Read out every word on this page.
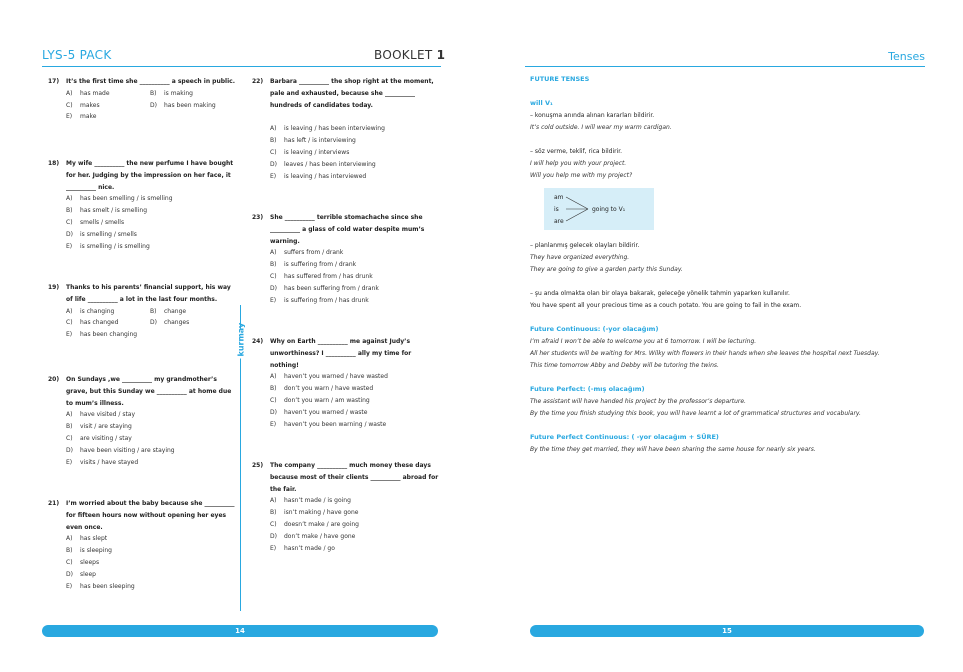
LYS-5 PACK	BOOKLET 1	Tenses
17)	It’s the first time she __________ a speech in public.
A)	has made	B)	is making
C)	makes	D)	has been making
E)	make
18)	My wife __________ the new perfume I have bought for her. Judging by the impression on her face, it __________ nice.
A)	has been smelling / is smelling
B)	has smelt / is smelling
C)	smells / smells
D)	is smelling / smells
E)	is smelling / is smelling
19)	Thanks to his parents’ financial support, his way of life __________ a lot in the last four months.
A)	is changing	B)	change
C)	has changed	D)	changes
E)	has been changing
20)	On Sundays ,we __________ my grandmother’s grave, but this Sunday we __________ at home due to mum’s illness.
A)	have visited / stay
B)	visit / are staying
C)	are visiting / stay
D)	have been visiting / are staying
E)	visits / have stayed
21)	I’m worried about the baby because she __________ for fifteen hours now without opening her eyes even once.
A)	has slept
B)	is sleeping
C)	sleeps
D)	sleep
E)	has been sleeping
kurmay
22)	Barbara __________ the shop right at the moment, pale and exhausted, because she __________ hundreds of candidates today.
A)	is leaving / has been interviewing
B)	has left / is interviewing
C)	is leaving / interviews
D)	leaves / has been interviewing
E)	is leaving / has interviewed
23)	She __________ terrible stomachache since she __________ a glass of cold water despite mum’s warning.
A)	suffers from / drank
B)	is suffering from / drank
C)	has suffered from / has drunk
D)	has been suffering from / drank
E)	is suffering from / has drunk
24)	Why on Earth __________ me against Judy’s unworthiness? I __________ ally my time for nothing!
A)	haven’t you warned / have wasted
B)	don’t you warn / have wasted
C)	don’t you warn / am wasting
D)	haven’t you warned / waste
E)	haven’t you been warning / waste
25)	The company __________ much money these days because most of their clients __________ abroad for the fair.
A)	hasn’t made / is going
B)	isn’t making / have gone
C)	doesn’t make / are going
D)	don’t make / have gone
E)	hasn’t made / go
FUTURE TENSES
will V₁
– konuşma anında alınan kararları bildirir.
It’s cold outside. I will wear my warm cardigan.
– söz verme, teklif, rica bildirir.
I will help you with your project.
Will you help me with my project?
am
is
are
going to V₁
– planlanmış gelecek olayları bildirir.
They have organized everything.
They are going to give a garden party this Sunday.
– şu anda olmakta olan bir olaya bakarak, geleceğe yönelik tahmin yaparken kullanılır.
You have spent all your precious time as a couch potato. You are going to fail in the exam.
Future Continuous: (-yor olacağım)
I’m afraid I won’t be able to welcome you at 6 tomorrow. I will be lecturing.
All her students will be waiting for Mrs. Wilky with flowers in their hands when she leaves the hospital next Tuesday.
This time tomorrow Abby and Debby will be tutoring the twins.
Future Perfect: (-mış olacağım)
The assistant will have handed his project by the professor’s departure.
By the time you finish studying this book, you will have learnt a lot of grammatical structures and vocabulary.
Future Perfect Continuous: ( -yor olacağım + SÜRE)
By the time they get married, they will have been sharing the same house for nearly six years.
14	15
